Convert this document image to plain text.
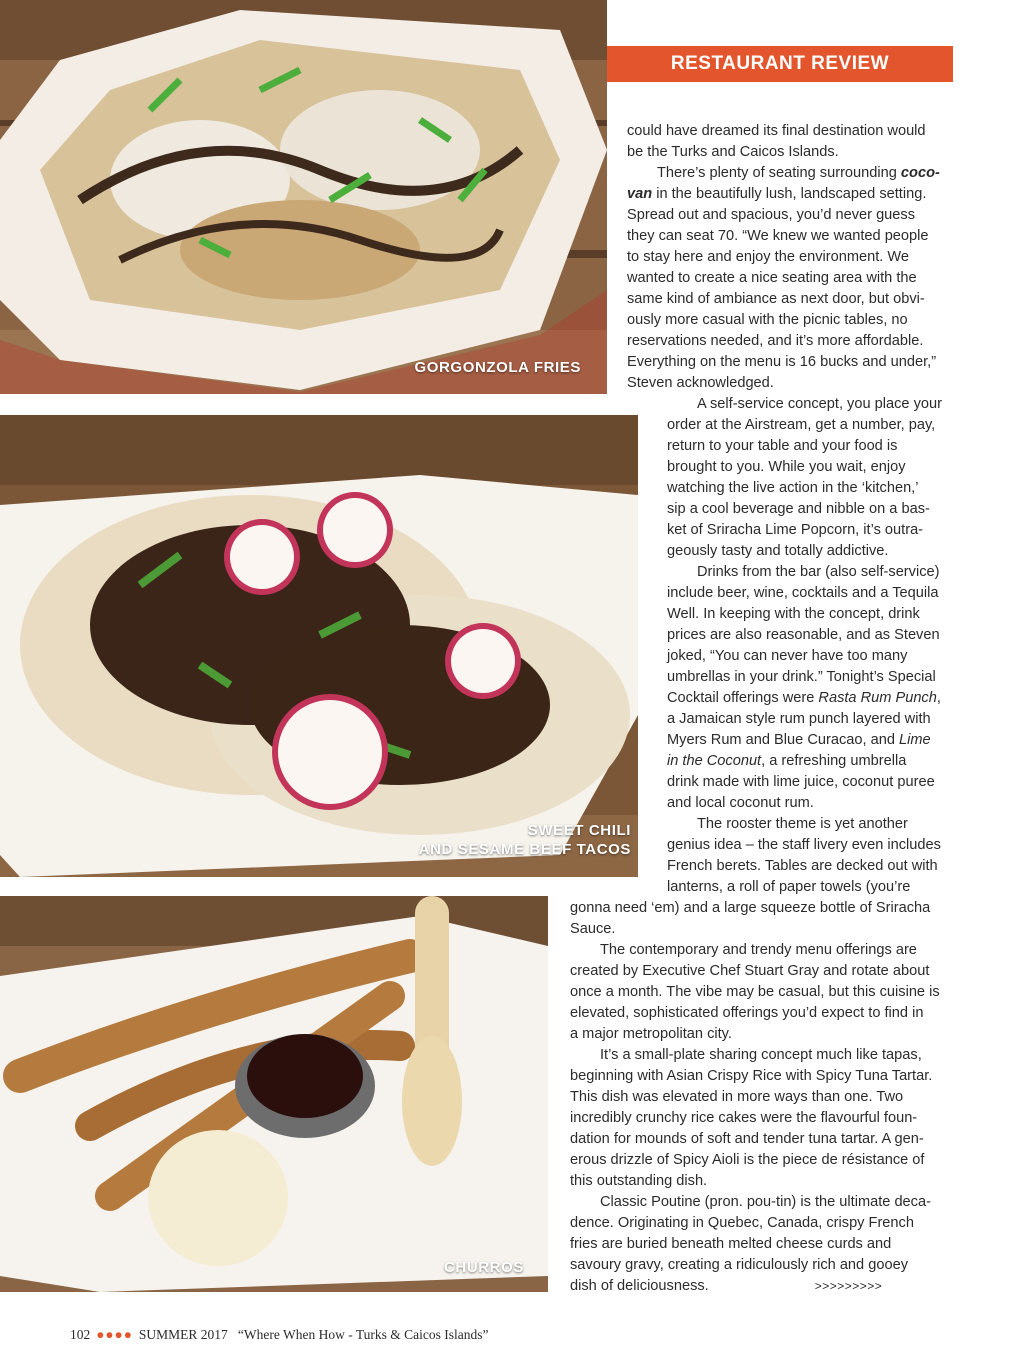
GORGONZOLA FRIES
SWEET CHILI
AND SESAME BEEF TACOS
CHURROS
RESTAURANT REVIEW
could have dreamed its final destination would
be the Turks and Caicos Islands.
There’s plenty of seating surrounding coco-
van in the beautifully lush, landscaped setting.
Spread out and spacious, you’d never guess
they can seat 70. “We knew we wanted people
to stay here and enjoy the environment. We
wanted to create a nice seating area with the
same kind of ambiance as next door, but obvi-
ously more casual with the picnic tables, no
reservations needed, and it’s more affordable.
Everything on the menu is 16 bucks and under,”
Steven acknowledged.
A self-service concept, you place your
order at the Airstream, get a number, pay,
return to your table and your food is
brought to you. While you wait, enjoy
watching the live action in the ‘kitchen,’
sip a cool beverage and nibble on a bas-
ket of Sriracha Lime Popcorn, it’s outra-
geously tasty and totally addictive.
Drinks from the bar (also self-service)
include beer, wine, cocktails and a Tequila
Well. In keeping with the concept, drink
prices are also reasonable, and as Steven
joked, “You can never have too many
umbrellas in your drink.” Tonight’s Special
Cocktail offerings were Rasta Rum Punch,
a Jamaican style rum punch layered with
Myers Rum and Blue Curacao, and Lime
in the Coconut, a refreshing umbrella
drink made with lime juice, coconut puree
and local coconut rum.
The rooster theme is yet another
genius idea – the staff livery even includes
French berets. Tables are decked out with
lanterns, a roll of paper towels (you’re
gonna need ‘em) and a large squeeze bottle of Sriracha
Sauce.
The contemporary and trendy menu offerings are
created by Executive Chef Stuart Gray and rotate about
once a month. The vibe may be casual, but this cuisine is
elevated, sophisticated offerings you’d expect to find in
a major metropolitan city.
It’s a small-plate sharing concept much like tapas,
beginning with Asian Crispy Rice with Spicy Tuna Tartar.
This dish was elevated in more ways than one. Two
incredibly crunchy rice cakes were the flavourful foun-
dation for mounds of soft and tender tuna tartar. A gen-
erous drizzle of Spicy Aioli is the piece de résistance of
this outstanding dish.
Classic Poutine (pron. pou-tin) is the ultimate deca-
dence. Originating in Quebec, Canada, crispy French
fries are buried beneath melted cheese curds and
savoury gravy, creating a ridiculously rich and gooey
dish of deliciousness.	>>>>>>>>>
102 ●●●● SUMMER 2017 “Where When How - Turks & Caicos Islands”
